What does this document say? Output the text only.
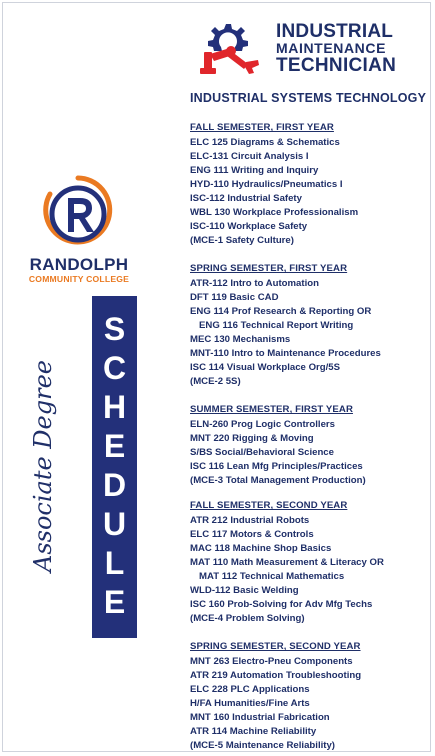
INDUSTRIAL
MAINTENANCE
TECHNICIAN
INDUSTRIAL SYSTEMS TECHNOLOGY
RANDOLPH
COMMUNITY COLLEGE
Associate Degree
S
C
H
E
D
U
L
E
FALL SEMESTER, FIRST YEAR
ELC 125 Diagrams & Schematics
ELC-131 Circuit Analysis I
ENG 111 Writing and Inquiry
HYD-110 Hydraulics/Pneumatics I
ISC-112 Industrial Safety
WBL 130 Workplace Professionalism
ISC-110 Workplace Safety
(MCE-1 Safety Culture)
SPRING SEMESTER, FIRST YEAR
ATR-112 Intro to Automation
DFT 119 Basic CAD
ENG 114 Prof Research & Reporting OR
ENG 116 Technical Report Writing
MEC 130 Mechanisms
MNT-110 Intro to Maintenance Procedures
ISC 114 Visual Workplace Org/5S
(MCE-2 5S)
SUMMER SEMESTER, FIRST YEAR
ELN-260 Prog Logic Controllers
MNT 220 Rigging & Moving
S/BS Social/Behavioral Science
ISC 116 Lean Mfg Principles/Practices
(MCE-3 Total Management Production)
FALL SEMESTER, SECOND YEAR
ATR 212 Industrial Robots
ELC 117 Motors & Controls
MAC 118 Machine Shop Basics
MAT 110 Math Measurement & Literacy OR
MAT 112 Technical Mathematics
WLD-112 Basic Welding
ISC 160 Prob-Solving for Adv Mfg Techs
(MCE-4 Problem Solving)
SPRING SEMESTER, SECOND YEAR
MNT 263 Electro-Pneu Components
ATR 219 Automation Troubleshooting
ELC 228 PLC Applications
H/FA Humanities/Fine Arts
MNT 160 Industrial Fabrication
ATR 114 Machine Reliability
(MCE-5 Maintenance Reliability)
